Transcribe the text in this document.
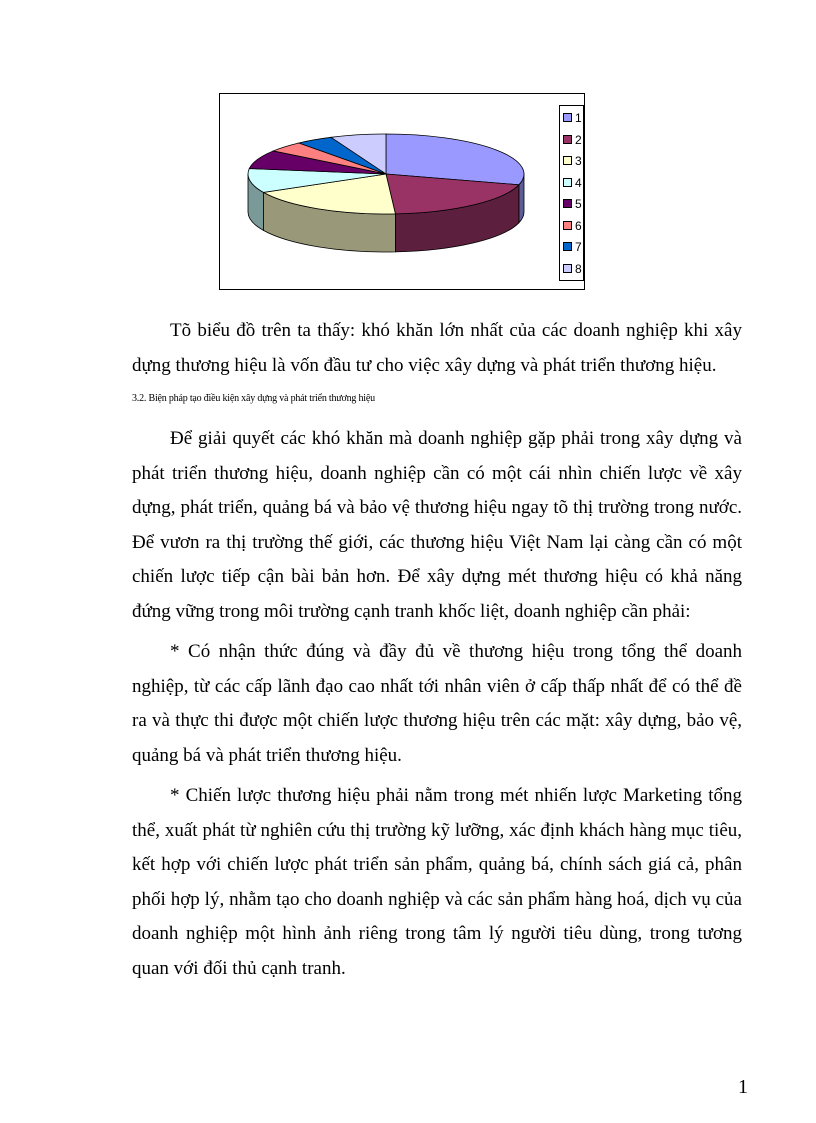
1
2
3
4
5
6
7
8

Tõ biểu đồ trên ta thấy: khó khăn lớn nhất của các doanh nghiệp khi xây dựng thương hiệu là vốn đầu tư cho việc xây dựng và phát triển thương hiệu.

3.2. Biện pháp tạo điều kiện xây dựng và phát triển thương hiệu

Để giải quyết các khó khăn mà doanh nghiệp gặp phải trong xây dựng và phát triển thương hiệu, doanh nghiệp cần có một cái nhìn chiến lược về xây dựng, phát triển, quảng bá và bảo vệ thương hiệu ngay tõ thị trường trong nước. Để vươn ra thị trường thế giới, các thương hiệu Việt Nam lại càng cần có một chiến lược tiếp cận bài bản hơn. Để xây dựng mét thương hiệu có khả năng đứng vững trong môi trường cạnh tranh khốc liệt, doanh nghiệp cần phải:

* Có nhận thức đúng và đầy đủ về thương hiệu trong tổng thể doanh nghiệp, từ các cấp lãnh đạo cao nhất tới nhân viên ở cấp thấp nhất để có thể đề ra và thực thi được một chiến lược thương hiệu trên các mặt: xây dựng, bảo vệ, quảng bá và phát triển thương hiệu.

* Chiến lược thương hiệu phải nằm trong mét nhiến lược Marketing tổng thể, xuất phát từ nghiên cứu thị trường kỹ lưỡng, xác định khách hàng mục tiêu, kết hợp với chiến lược phát triển sản phẩm, quảng bá, chính sách giá cả, phân phối hợp lý, nhằm tạo cho doanh nghiệp và các sản phẩm hàng hoá, dịch vụ của doanh nghiệp một hình ảnh riêng trong tâm lý người tiêu dùng, trong tương quan với đối thủ cạnh tranh.

1
